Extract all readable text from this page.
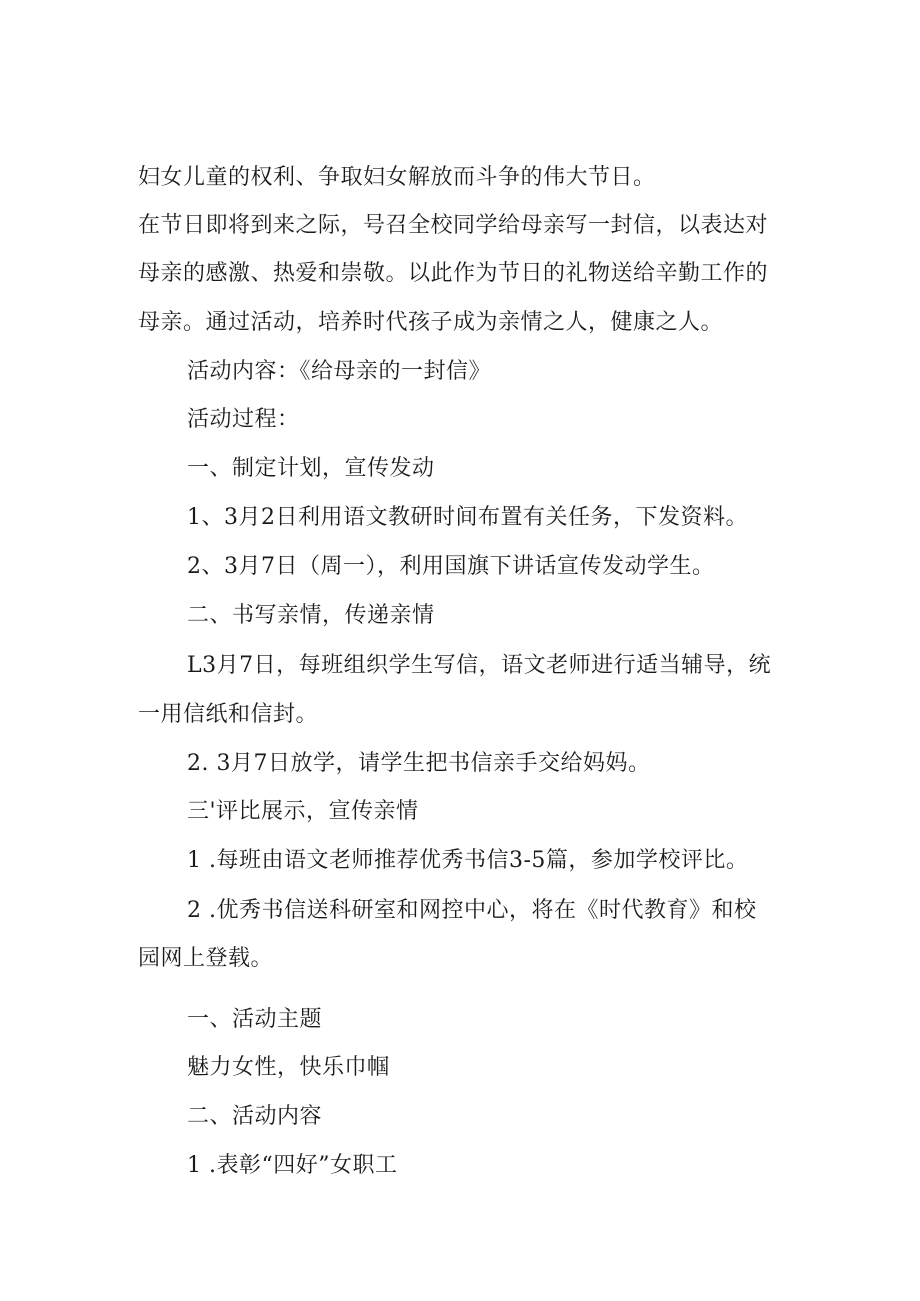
妇女儿童的权利、争取妇女解放而斗争的伟大节日。
在节日即将到来之际，号召全校同学给母亲写一封信，以表达对
母亲的感激、热爱和崇敬。以此作为节日的礼物送给辛勤工作的
母亲。通过活动，培养时代孩子成为亲情之人，健康之人。
活动内容：《给母亲的一封信》
活动过程：
一、制定计划，宣传发动
1、3月2日利用语文教研时间布置有关任务，下发资料。
2、3月7日（周一），利用国旗下讲话宣传发动学生。
二、书写亲情，传递亲情
L3月7日，每班组织学生写信，语文老师进行适当辅导，统
一用信纸和信封。
2. 3月7日放学，请学生把书信亲手交给妈妈。
三'评比展示，宣传亲情
1 .每班由语文老师推荐优秀书信3-5篇，参加学校评比。
2 .优秀书信送科研室和网控中心，将在《时代教育》和校
园网上登载。
一、活动主题
魅力女性，快乐巾帼
二、活动内容
1 .表彰“四好”女职工
